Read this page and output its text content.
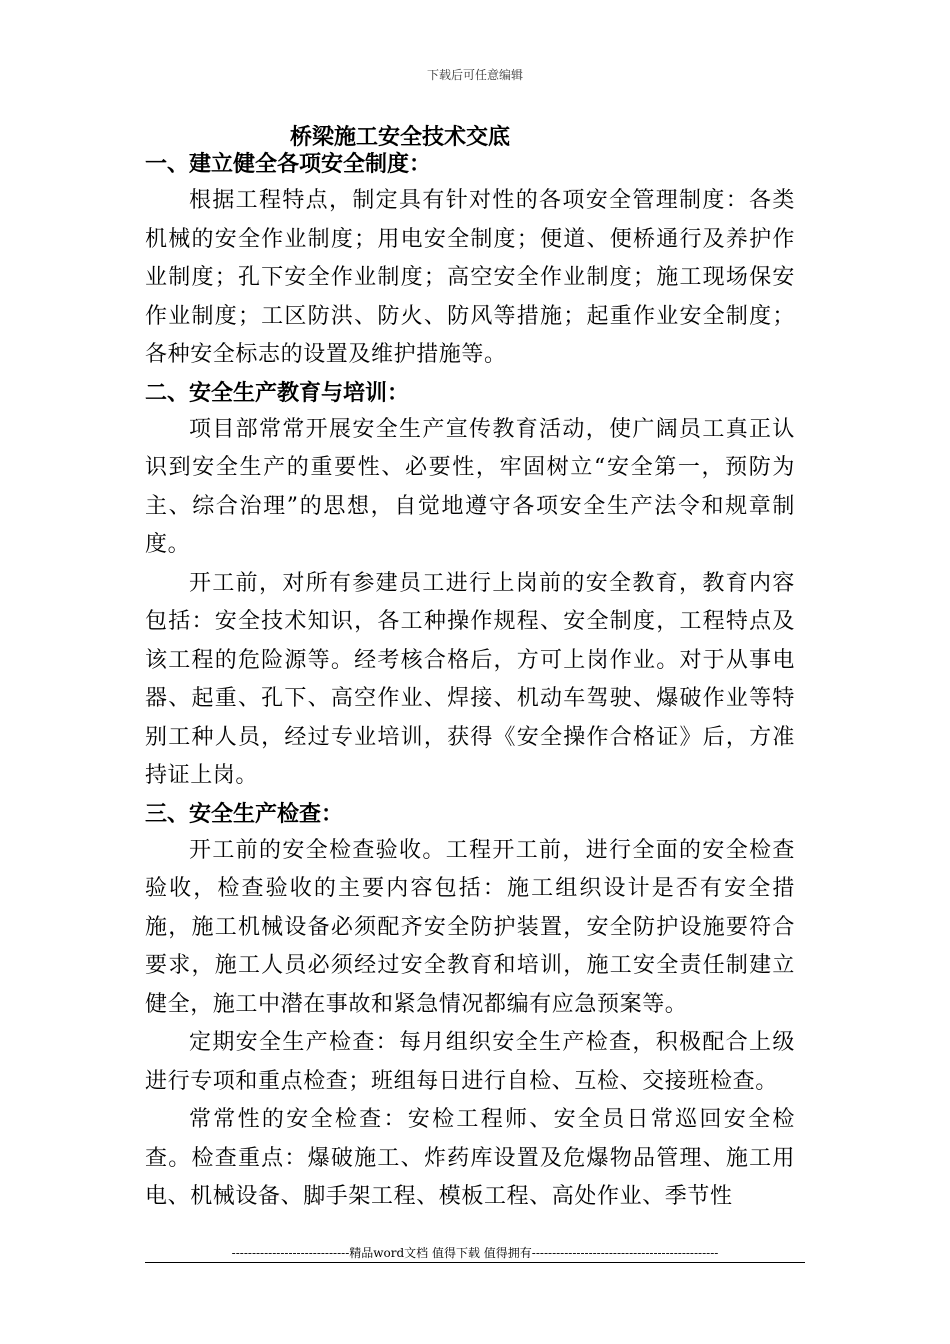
下载后可任意编辑
桥梁施工安全技术交底
一、建立健全各项安全制度：

根据工程特点，制定具有针对性的各项安全管理制度：各类机械的安全作业制度；用电安全制度；便道、便桥通行及养护作业制度；孔下安全作业制度；高空安全作业制度；施工现场保安作业制度；工区防洪、防火、防风等措施；起重作业安全制度；各种安全标志的设置及维护措施等。

二、安全生产教育与培训：

项目部常常开展安全生产宣传教育活动，使广阔员工真正认识到安全生产的重要性、必要性，牢固树立“安全第一，预防为主、综合治理”的思想，自觉地遵守各项安全生产法令和规章制度。

开工前，对所有参建员工进行上岗前的安全教育，教育内容包括：安全技术知识，各工种操作规程、安全制度，工程特点及该工程的危险源等。经考核合格后，方可上岗作业。对于从事电器、起重、孔下、高空作业、焊接、机动车驾驶、爆破作业等特别工种人员，经过专业培训，获得《安全操作合格证》后，方准持证上岗。

三、安全生产检查：

开工前的安全检查验收。工程开工前，进行全面的安全检查验收，检查验收的主要内容包括：施工组织设计是否有安全措施，施工机械设备必须配齐安全防护装置，安全防护设施要符合要求，施工人员必须经过安全教育和培训，施工安全责任制建立健全，施工中潜在事故和紧急情况都编有应急预案等。

定期安全生产检查：每月组织安全生产检查，积极配合上级进行专项和重点检查；班组每日进行自检、互检、交接班检查。

常常性的安全检查：安检工程师、安全员日常巡回安全检查。检查重点：爆破施工、炸药库设置及危爆物品管理、施工用电、机械设备、脚手架工程、模板工程、高处作业、季节性

-----------------------------精品word文档 值得下载 值得拥有----------------------------------------------
